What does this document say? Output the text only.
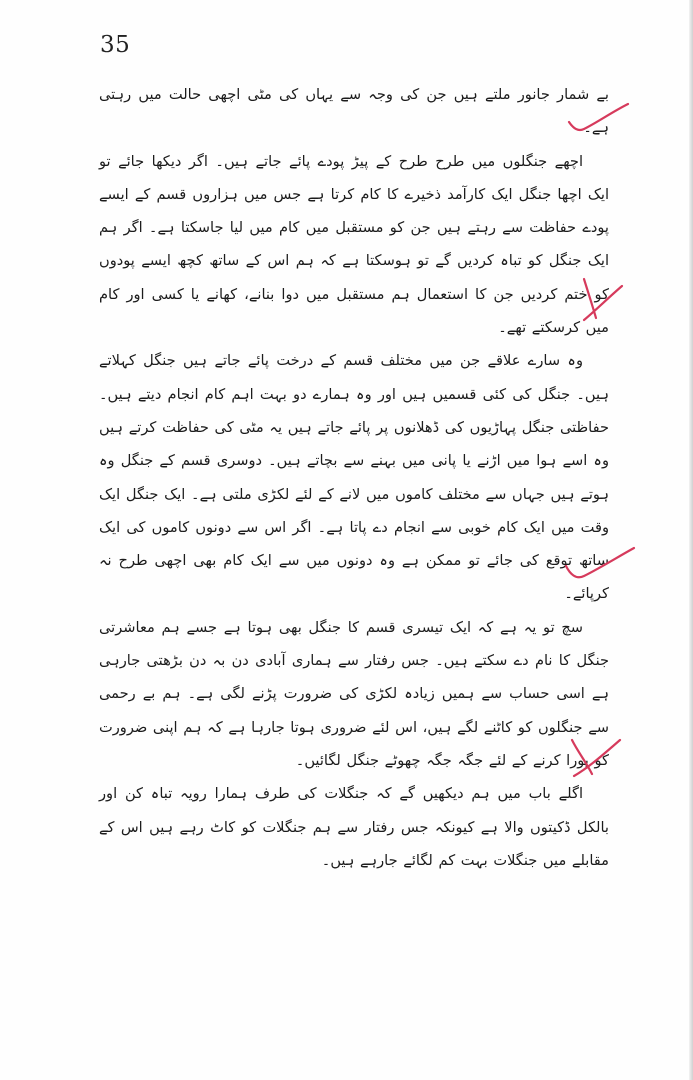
35

بے شمار جانور ملتے ہیں جن کی وجہ سے یہاں کی مٹی اچھی حالت میں رہتی ہے۔

اچھے جنگلوں میں طرح طرح کے پیڑ پودے پائے جاتے ہیں۔ اگر دیکھا جائے تو ایک اچھا جنگل ایک کارآمد ذخیرے کا کام کرتا ہے جس میں ہزاروں قسم کے ایسے پودے حفاظت سے رہتے ہیں جن کو مستقبل میں کام میں لیا جاسکتا ہے۔ اگر ہم ایک جنگل کو تباہ کردیں گے تو ہوسکتا ہے کہ ہم اس کے ساتھ کچھ ایسے پودوں کو ختم کردیں جن کا استعمال ہم مستقبل میں دوا بنانے، کھانے یا کسی اور کام میں کرسکتے تھے۔

وہ سارے علاقے جن میں مختلف قسم کے درخت پائے جاتے ہیں جنگل کہلاتے ہیں۔ جنگل کی کئی قسمیں ہیں اور وہ ہمارے دو بہت اہم کام انجام دیتے ہیں۔ حفاظتی جنگل پہاڑیوں کی ڈھلانوں پر پائے جاتے ہیں یہ مٹی کی حفاظت کرتے ہیں وہ اسے ہوا میں اڑنے یا پانی میں بہنے سے بچاتے ہیں۔ دوسری قسم کے جنگل وہ ہوتے ہیں جہاں سے مختلف کاموں میں لانے کے لئے لکڑی ملتی ہے۔ ایک جنگل ایک وقت میں ایک کام خوبی سے انجام دے پاتا ہے۔ اگر اس سے دونوں کاموں کی ایک ساتھ توقع کی جائے تو ممکن ہے وہ دونوں میں سے ایک کام بھی اچھی طرح نہ کرپائے۔

سچ تو یہ ہے کہ ایک تیسری قسم کا جنگل بھی ہوتا ہے جسے ہم معاشرتی جنگل کا نام دے سکتے ہیں۔ جس رفتار سے ہماری آبادی دن بہ دن بڑھتی جارہی ہے اسی حساب سے ہمیں زیادہ لکڑی کی ضرورت پڑنے لگی ہے۔ ہم بے رحمی سے جنگلوں کو کاٹنے لگے ہیں، اس لئے ضروری ہوتا جارہا ہے کہ ہم اپنی ضرورت کو پورا کرنے کے لئے جگہ جگہ چھوٹے جنگل لگائیں۔

اگلے باب میں ہم دیکھیں گے کہ جنگلات کی طرف ہمارا رویہ تباہ کن اور بالکل ڈکیتوں والا ہے کیونکہ جس رفتار سے ہم جنگلات کو کاٹ رہے ہیں اس کے مقابلے میں جنگلات بہت کم لگائے جارہے ہیں۔
